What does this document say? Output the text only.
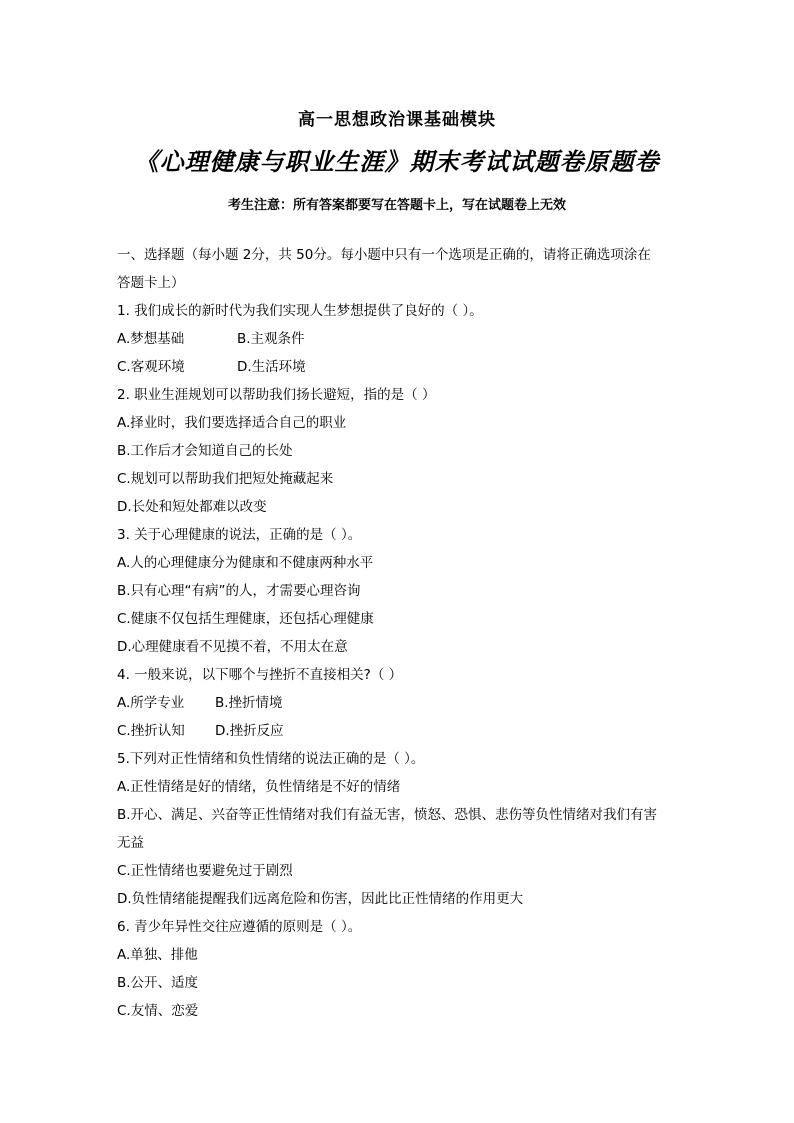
高一思想政治课基础模块
《心理健康与职业生涯》期末考试试题卷原题卷
考生注意：所有答案都要写在答题卡上，写在试题卷上无效
一、选择题（每小题 2分，共 50分。每小题中只有一个选项是正确的，请将正确选项涂在
答题卡上）
1. 我们成长的新时代为我们实现人生梦想提供了良好的（ ）。
A.梦想基础	B.主观条件
C.客观环境	D.生活环境
2. 职业生涯规划可以帮助我们扬长避短，指的是（ ）
A.择业时，我们要选择适合自己的职业
B.工作后才会知道自己的长处
C.规划可以帮助我们把短处掩藏起来
D.长处和短处都难以改变
3. 关于心理健康的说法，正确的是（ ）。
A.人的心理健康分为健康和不健康两种水平
B.只有心理“有病”的人，才需要心理咨询
C.健康不仅包括生理健康，还包括心理健康
D.心理健康看不见摸不着，不用太在意
4. 一般来说，以下哪个与挫折不直接相关?（ ）
A.所学专业 B.挫折情境
C.挫折认知 D.挫折反应
5.下列对正性情绪和负性情绪的说法正确的是（ ）。
A.正性情绪是好的情绪，负性情绪是不好的情绪
B.开心、满足、兴奋等正性情绪对我们有益无害，愤怒、恐惧、悲伤等负性情绪对我们有害
无益
C.正性情绪也要避免过于剧烈
D.负性情绪能提醒我们远离危险和伤害，因此比正性情绪的作用更大
6. 青少年异性交往应遵循的原则是（ ）。
A.单独、排他
B.公开、适度
C.友情、恋爱
